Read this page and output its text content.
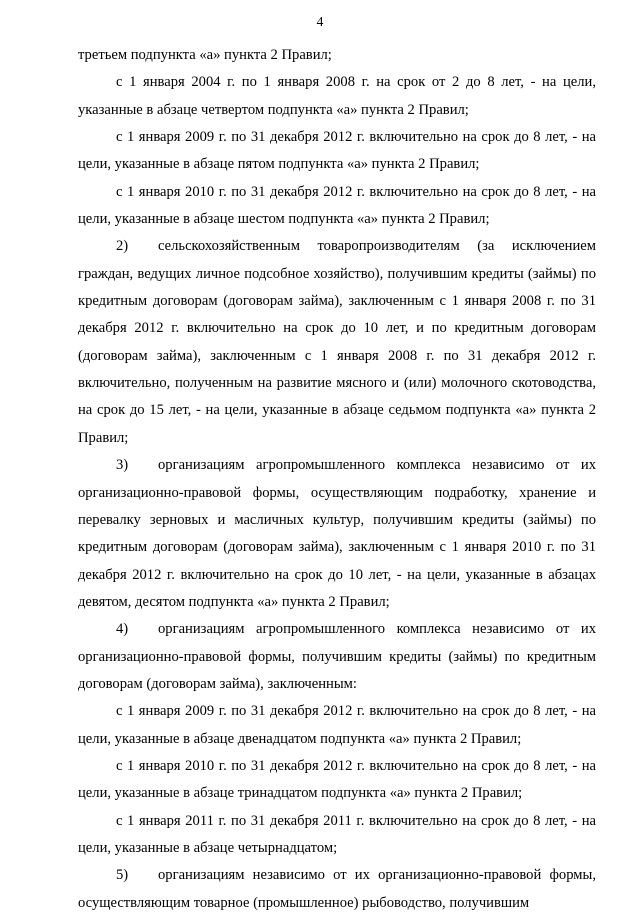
4

третьем подпункта «а» пункта 2 Правил;

с 1 января 2004 г. по 1 января 2008 г. на срок от 2 до 8 лет, - на цели, указанные в абзаце четвертом подпункта «а» пункта 2 Правил;

с 1 января 2009 г. по 31 декабря 2012 г. включительно на срок до 8 лет, - на цели, указанные в абзаце пятом подпункта «а» пункта 2 Правил;

с 1 января 2010 г. по 31 декабря 2012 г. включительно на срок до 8 лет, - на цели, указанные в абзаце шестом подпункта «а» пункта 2 Правил;

2) сельскохозяйственным товаропроизводителям (за исключением граждан, ведущих личное подсобное хозяйство), получившим кредиты (займы) по кредитным договорам (договорам займа), заключенным с 1 января 2008 г. по 31 декабря 2012 г. включительно на срок до 10 лет, и по кредитным договорам (договорам займа), заключенным с 1 января 2008 г. по 31 декабря 2012 г. включительно, полученным на развитие мясного и (или) молочного скотоводства, на срок до 15 лет, - на цели, указанные в абзаце седьмом подпункта «а» пункта 2 Правил;

3) организациям агропромышленного комплекса независимо от их организационно-правовой формы, осуществляющим подработку, хранение и перевалку зерновых и масличных культур, получившим кредиты (займы) по кредитным договорам (договорам займа), заключенным с 1 января 2010 г. по 31 декабря 2012 г. включительно на срок до 10 лет, - на цели, указанные в абзацах девятом, десятом подпункта «а» пункта 2 Правил;

4) организациям агропромышленного комплекса независимо от их организационно-правовой формы, получившим кредиты (займы) по кредитным договорам (договорам займа), заключенным:

с 1 января 2009 г. по 31 декабря 2012 г. включительно на срок до 8 лет, - на цели, указанные в абзаце двенадцатом подпункта «а» пункта 2 Правил;

с 1 января 2010 г. по 31 декабря 2012 г. включительно на срок до 8 лет, - на цели, указанные в абзаце тринадцатом подпункта «а» пункта 2 Правил;

с 1 января 2011 г. по 31 декабря 2011 г. включительно на срок до 8 лет, - на цели, указанные в абзаце четырнадцатом;

5) организациям независимо от их организационно-правовой формы, осуществляющим товарное (промышленное) рыбоводство, получившим
